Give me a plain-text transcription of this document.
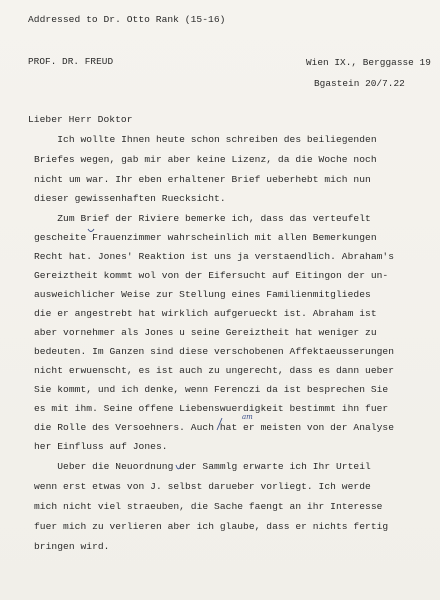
Addressed to Dr. Otto Rank (15-16)
PROF. DR. FREUD	Wien IX., Berggasse 19
Bgastein 20/7.22
Lieber Herr Doktor
Ich wollte Ihnen heute schon schreiben des beiliegenden
Briefes wegen, gab mir aber keine Lizenz, da die Woche noch
nicht um war. Ihr eben erhaltener Brief ueberhebt mich nun
dieser gewissenhaften Ruecksicht.
Zum Brief der Riviere bemerke ich, dass das verteufelt
gescheite Frauenzimmer wahrscheinlich mit allen Bemerkungen
Recht hat. Jones' Reaktion ist uns ja verstaendlich. Abraham's
Gereiztheit kommt wol von der Eifersucht auf Eitingon der un-
ausweichlicher Weise zur Stellung eines Familienmitgliedes
die er angestrebt hat wirklich aufgerueckt ist. Abraham ist
aber vornehmer als Jones u seine Gereiztheit hat weniger zu
bedeuten. Im Ganzen sind diese verschobenen Affektaeusserungen
nicht erwuenscht, es ist auch zu ungerecht, dass es dann ueber
Sie kommt, und ich denke, wenn Ferenczi da ist besprechen Sie
es mit ihm. Seine offene Liebenswuerdigkeit bestimmt ihn fuer
die Rolle des Versoehners. Auch hat er meisten von der Analyse
her Einfluss auf Jones.
Ueber die Neuordnung der Sammlg erwarte ich Ihr Urteil
wenn erst etwas von J. selbst darueber vorliegt. Ich werde
mich nicht viel straeuben, die Sache faengt an ihr Interesse
fuer mich zu verlieren aber ich glaube, dass er nichts fertig
bringen wird.
am
